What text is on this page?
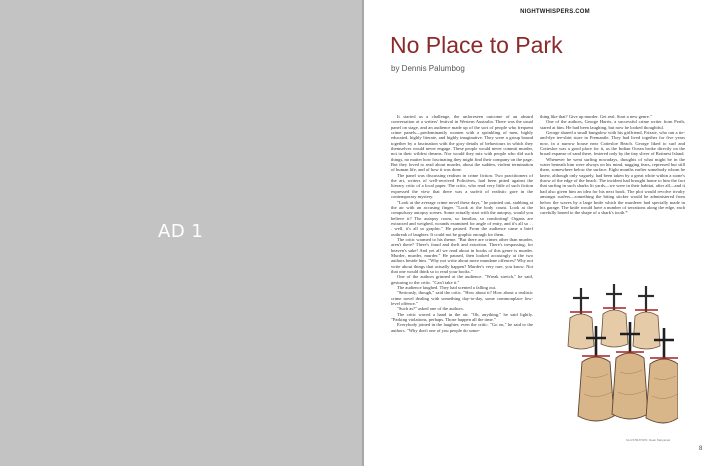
AD 1
NIGHTWHISPERS.COM
No Place to Park
by Dennis Palumbog

It started as a challenge, the unforeseen outcome of an absurd conversation at a writers' festival in Western Australia. There was the usual panel on stage, and an audience made up of the sort of people who frequent crime panels—predominantly women with a sprinkling of men, highly educated, highly literate, and highly imaginative. They were a group bound together by a fascination with the gory details of behaviours in which they themselves would never engage. These people would never commit murder, not in their wildest dreams. Nor would they mix with people who did such things, no matter how fascinating they might find their company on the page. But they loved to read about murder, about the sudden, violent termination of human life, and of how it was done.

The panel was discussing realism in crime fiction. Two practitioners of the art, writers of well-received Policières, had been pitted against the literary critic of a local paper. The critic, who read very little of such fiction expressed the view that there was a surfeit of realistic gore in the contemporary mystery.

"Look at the average crime novel these days," he pointed out, stabbing at the air with an accusing finger. "Look at the body count. Look at the compulsory autopsy scenes. Some actually start with the autopsy, would you believe it? The autopsy room, so familiar, so comforting! Organs are extracted and weighed, wounds examined for angle of entry, and it's all so . . . well, it's all so graphic." He paused. From the audience came a brief outbreak of laughter. It could not be graphic enough for them.

The critic warmed to his theme. "But there are crimes other than murder, aren't there? There's fraud and theft and extortion. There's trespassing, for heaven's sake! And yet all we read about in books of this genre is murder. Murder, murder, murder." He paused, then looked accusingly at the two authors beside him. "Why not write about more mundane offences? Why not write about things that actually happen? Murder's very rare, you know. Not that one would think so to read your books."

One of the authors grinned at the audience. "Wreak stretch," he said, gesturing to the critic. "Can't take it."

The audience laughed. They had scented a falling out.

"Seriously, though," said the critic. "How about it? How about a realistic crime novel dealing with something day-to-day, some commonplace low-level offence."

"Such as?" asked one of the authors.

The critic waved a hand in the air. "Oh, anything," he said lightly. "Parking violations, perhaps. Those happen all the time."

Everybody joined in the laughter, even the critic. "Go on," he said to the authors. "Why don't one of you people do some-

thing like that? Give up murder. Get real. Start a new genre."

One of the authors, George Harris, a successful crime writer from Perth, stared at him. He had been laughing, but now he looked thoughtful.

George shared a small bungalow with his girlfriend, Frizzie, who ran a tie-and-dye tee-shirt store in Fremantle. They had lived together for five years now, in a narrow house near Cottesloe Beach. George liked to surf and Cottesloe was a good place for it, as the Indian Ocean broke directly on the broad expanse of sand there, festered only by the tiny sliver of Rottnest Island.

Whenever he went surfing nowadays, thoughts of what might be in the water beneath him were always on his mind, nagging fears, repressed but still there, somewhere below the surface. Eight months earlier somebody whom he knew, although only vaguely, had been taken by a great white within a stone's throw of the edge of the beach. The incident had brought home to him the fact that surfing in such sharks lit yards—we were in their habitat, after all—and it had also given him an idea for his next book. The plot would revolve rivalry amongst surfers—something the biting sticker would be administered from below the waves by a large knife which the murderer had specially made in his garage. The knife would have a number of serrations along the edge, each carefully honed to the shape of a shark's tooth.*

ILLUSTRATION: Dean Maryanek
8
